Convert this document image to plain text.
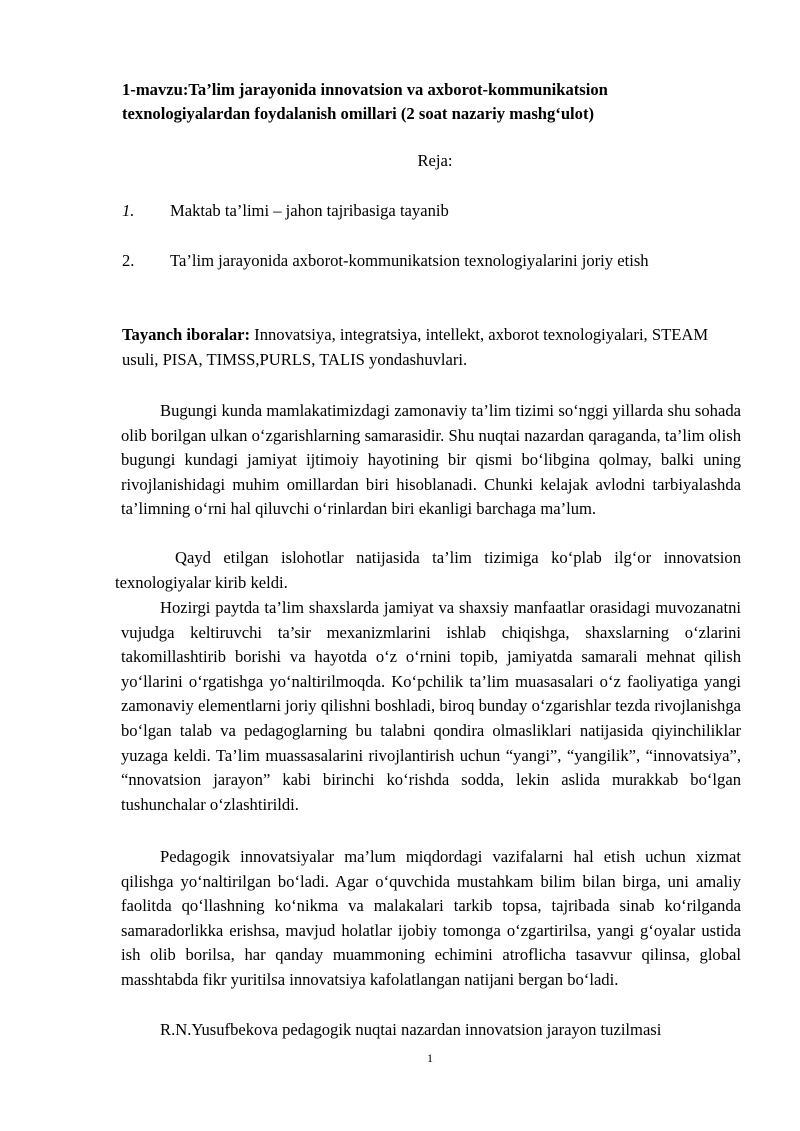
1-mavzu:Ta’lim jarayonida innovatsion va axborot-kommunikatsion texnologiyalardan foydalanish omillari (2 soat nazariy mashg‘ulot)
Reja:
1. Maktab ta’limi – jahon tajribasiga tayanib
2. Ta’lim jarayonida axborot-kommunikatsion texnologiyalarini joriy etish
Tayanch iboralar: Innovatsiya, integratsiya, intellekt, axborot texnologiyalari, STEAM usuli, PISA, TIMSS,PURLS, TALIS yondashuvlari.

Bugungi kunda mamlakatimizdagi zamonaviy ta’lim tizimi so‘nggi yillarda shu sohada olib borilgan ulkan o‘zgarishlarning samarasidir. Shu nuqtai nazardan qaraganda, ta’lim olish bugungi kundagi jamiyat ijtimoiy hayotining bir qismi bo‘libgina qolmay, balki uning rivojlanishidagi muhim omillardan biri hisoblanadi. Chunki kelajak avlodni tarbiyalashda ta’limning o‘rni hal qiluvchi o‘rinlardan biri ekanligi barchaga ma’lum.

Qayd etilgan islohotlar natijasida ta’lim tizimiga ko‘plab ilg‘or innovatsion texnologiyalar kirib keldi.

Hozirgi paytda ta’lim shaxslarda jamiyat va shaxsiy manfaatlar orasidagi muvozanatni vujudga keltiruvchi ta’sir mexanizmlarini ishlab chiqishga, shaxslarning o‘zlarini takomillashtirib borishi va hayotda o‘z o‘rnini topib, jamiyatda samarali mehnat qilish yo‘llarini o‘rgatishga yo‘naltirilmoqda. Ko‘pchilik ta’lim muasasalari o‘z faoliyatiga yangi zamonaviy elementlarni joriy qilishni boshladi, biroq bunday o‘zgarishlar tezda rivojlanishga bo‘lgan talab va pedagoglarning bu talabni qondira olmasliklari natijasida qiyinchiliklar yuzaga keldi. Ta’lim muassasalarini rivojlantirish uchun “yangi”, “yangilik”, “innovatsiya”, “nnovatsion jarayon” kabi birinchi ko‘rishda sodda, lekin aslida murakkab bo‘lgan tushunchalar o‘zlashtirildi.

Pedagogik innovatsiyalar ma’lum miqdordagi vazifalarni hal etish uchun xizmat qilishga yo‘naltirilgan bo‘ladi. Agar o‘quvchida mustahkam bilim bilan birga, uni amaliy faolitda qo‘llashning ko‘nikma va malakalari tarkib topsa, tajribada sinab ko‘rilganda samaradorlikka erishsa, mavjud holatlar ijobiy tomonga o‘zgartirilsa, yangi g‘oyalar ustida ish olib borilsa, har qanday muammoning echimini atroflicha tasavvur qilinsa, global masshtabda fikr yuritilsa innovatsiya kafolatlangan natijani bergan bo‘ladi.

R.N.Yusufbekova pedagogik nuqtai nazardan innovatsion jarayon tuzilmasi

1
